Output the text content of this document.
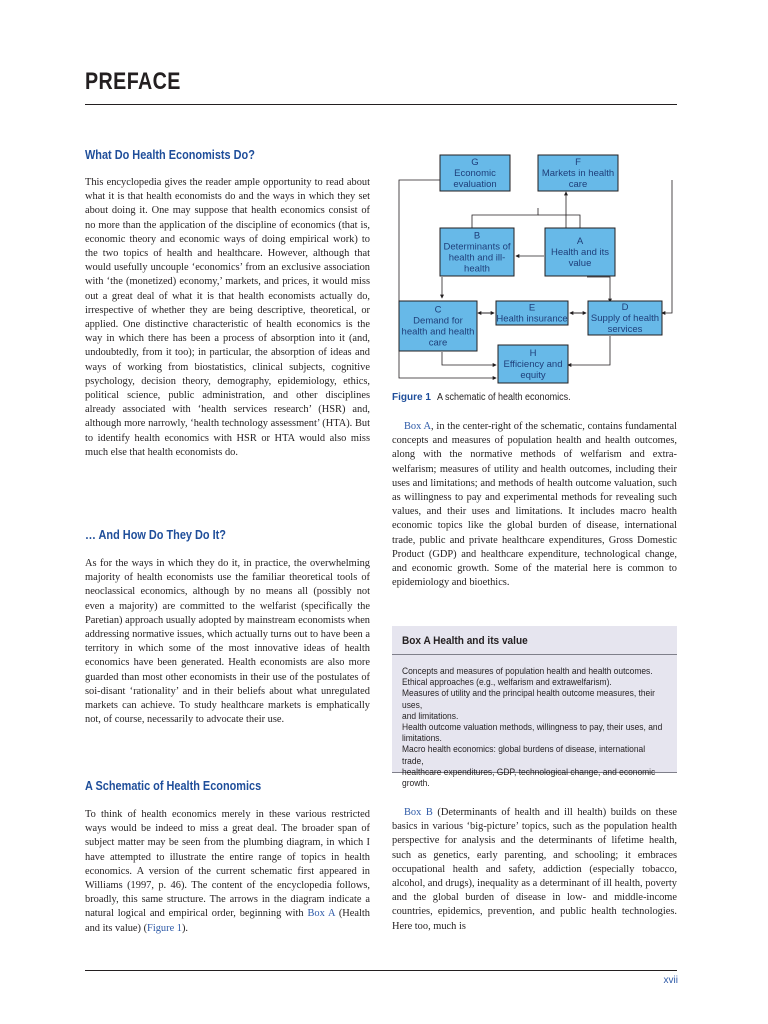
PREFACE
What Do Health Economists Do?

This encyclopedia gives the reader ample opportunity to read about what it is that health economists do and the ways in which they set about doing it. One may suppose that health economics consist of no more than the application of the discipline of economics (that is, economic theory and economic ways of doing empirical work) to the two topics of health and healthcare. However, although that would usefully uncouple ‘economics’ from an exclusive association with ‘the (monetized) economy,’ markets, and prices, it would miss out a great deal of what it is that health economists actually do, irrespective of whether they are being descriptive, theoretical, or applied. One distinctive characteristic of health economics is the way in which there has been a process of absorption into it (and, undoubtedly, from it too); in particular, the absorption of ideas and ways of working from biostatistics, clinical subjects, cognitive psychology, decision theory, demography, epidemiology, ethics, political science, public administration, and other disciplines already associated with ‘health services research’ (HSR) and, although more narrowly, ‘health technology assessment’ (HTA). But to identify health economics with HSR or HTA would also miss much else that health economists do.

… And How Do They Do It?

As for the ways in which they do it, in practice, the overwhelming majority of health economists use the familiar theoretical tools of neoclassical economics, although by no means all (possibly not even a majority) are committed to the welfarist (specifically the Paretian) approach usually adopted by mainstream economists when addressing normative issues, which actually turns out to have been a territory in which some of the most innovative ideas of health economics have been generated. Health economists are also more guarded than most other economists in their use of the postulates of soi-disant ‘rationality’ and in their beliefs about what unregulated markets can achieve. To study healthcare markets is emphatically not, of course, necessarily to advocate their use.

A Schematic of Health Economics

To think of health economics merely in these various restricted ways would be indeed to miss a great deal. The broader span of subject matter may be seen from the plumbing diagram, in which I have attempted to illustrate the entire range of topics in health economics. A version of the current schematic first appeared in Williams (1997, p. 46). The content of the encyclopedia follows, broadly, this same structure. The arrows in the diagram indicate a natural logical and empirical order, beginning with Box A (Health and its value) (Figure 1).

G
Economic
evaluation
F
Markets in health
care
B
Determinants of
health and ill-
health
A
Health and its
value
C
Demand for
health and health
care
E
Health insurance
D
Supply of health
services
H
Efficiency and
equity
Figure 1 A schematic of health economics.

Box A, in the center-right of the schematic, contains fundamental concepts and measures of population health and health outcomes, along with the normative methods of welfarism and extra-welfarism; measures of utility and health outcomes, including their uses and limitations; and methods of health outcome valuation, such as willingness to pay and experimental methods for revealing such values, and their uses and limitations. It includes macro health economic topics like the global burden of disease, international trade, public and private healthcare expenditures, Gross Domestic Product (GDP) and healthcare expenditure, technological change, and economic growth. Some of the material here is common to epidemiology and bioethics.

Box A Health and its value
Concepts and measures of population health and health outcomes.
Ethical approaches (e.g., welfarism and extrawelfarism).
Measures of utility and the principal health outcome measures, their uses,
and limitations.
Health outcome valuation methods, willingness to pay, their uses, and
limitations.
Macro health economics: global burdens of disease, international trade,
healthcare expenditures, GDP, technological change, and economic growth.

Box B (Determinants of health and ill health) builds on these basics in various ‘big-picture’ topics, such as the population health perspective for analysis and the determinants of lifetime health, such as genetics, early parenting, and schooling; it embraces occupational health and safety, addiction (especially tobacco, alcohol, and drugs), inequality as a determinant of ill health, poverty and the global burden of disease in low- and middle-income countries, epidemics, prevention, and public health technologies. Here too, much is

xvii
